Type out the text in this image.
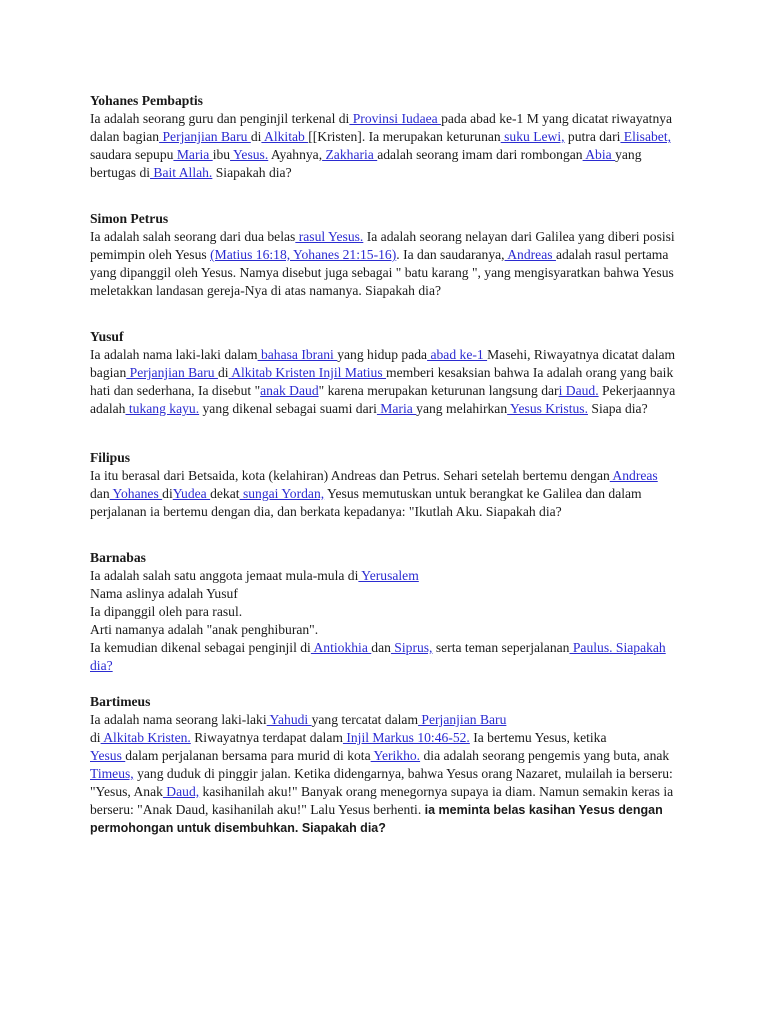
Yohanes Pembaptis

Ia adalah seorang guru dan penginjil terkenal di Provinsi Iudaea pada abad ke-1 M yang dicatat riwayatnya dalan bagian Perjanjian Baru di Alkitab [[Kristen]. Ia merupakan keturunan suku Lewi, putra dari Elisabet, saudara sepupu Maria ibu Yesus. Ayahnya, Zakharia adalah seorang imam dari rombongan Abia yang bertugas di Bait Allah. Siapakah dia?

Simon Petrus

Ia adalah salah seorang dari dua belas rasul Yesus. Ia adalah seorang nelayan dari Galilea yang diberi posisi pemimpin oleh Yesus (Matius 16:18, Yohanes 21:15-16). Ia dan saudaranya, Andreas adalah rasul pertama yang dipanggil oleh Yesus. Namya disebut juga sebagai " batu karang ", yang mengisyaratkan bahwa Yesus meletakkan landasan gereja-Nya di atas namanya. Siapakah dia?

Yusuf

Ia adalah nama laki-laki dalam bahasa Ibrani yang hidup pada abad ke-1 Masehi, Riwayatnya dicatat dalam bagian Perjanjian Baru di Alkitab Kristen Injil Matius memberi kesaksian bahwa Ia adalah orang yang baik hati dan sederhana, Ia disebut "anak Daud" karena merupakan keturunan langsung dari Daud. Pekerjaannya adalah tukang kayu. yang dikenal sebagai suami dari Maria yang melahirkan Yesus Kristus. Siapa dia?

Filipus

Ia itu berasal dari Betsaida, kota (kelahiran) Andreas dan Petrus. Sehari setelah bertemu dengan Andreas dan Yohanes diYudea dekat sungai Yordan, Yesus memutuskan untuk berangkat ke Galilea dan dalam perjalanan ia bertemu dengan dia, dan berkata kepadanya: "Ikutlah Aku. Siapakah dia?

Barnabas

Ia adalah salah satu anggota jemaat mula-mula di Yerusalem
Nama aslinya adalah Yusuf
Ia dipanggil oleh para rasul.
Arti namanya adalah "anak penghiburan".
Ia kemudian dikenal sebagai penginjil di Antiokhia dan Siprus, serta teman seperjalanan Paulus. Siapakah dia?

Bartimeus

Ia adalah nama seorang laki-laki Yahudi yang tercatat dalam Perjanjian Baru
di Alkitab Kristen. Riwayatnya terdapat dalam Injil Markus 10:46-52. Ia bertemu Yesus, ketika
Yesus dalam perjalanan bersama para murid di kota Yerikho. dia adalah seorang pengemis yang buta, anak Timeus, yang duduk di pinggir jalan. Ketika didengarnya, bahwa Yesus orang Nazaret, mulailah ia berseru: "Yesus, Anak Daud, kasihanilah aku!" Banyak orang menegornya supaya ia diam. Namun semakin keras ia berseru: "Anak Daud, kasihanilah aku!" Lalu Yesus berhenti. ia meminta belas kasihan Yesus dengan permohongan untuk disembuhkan. Siapakah dia?
